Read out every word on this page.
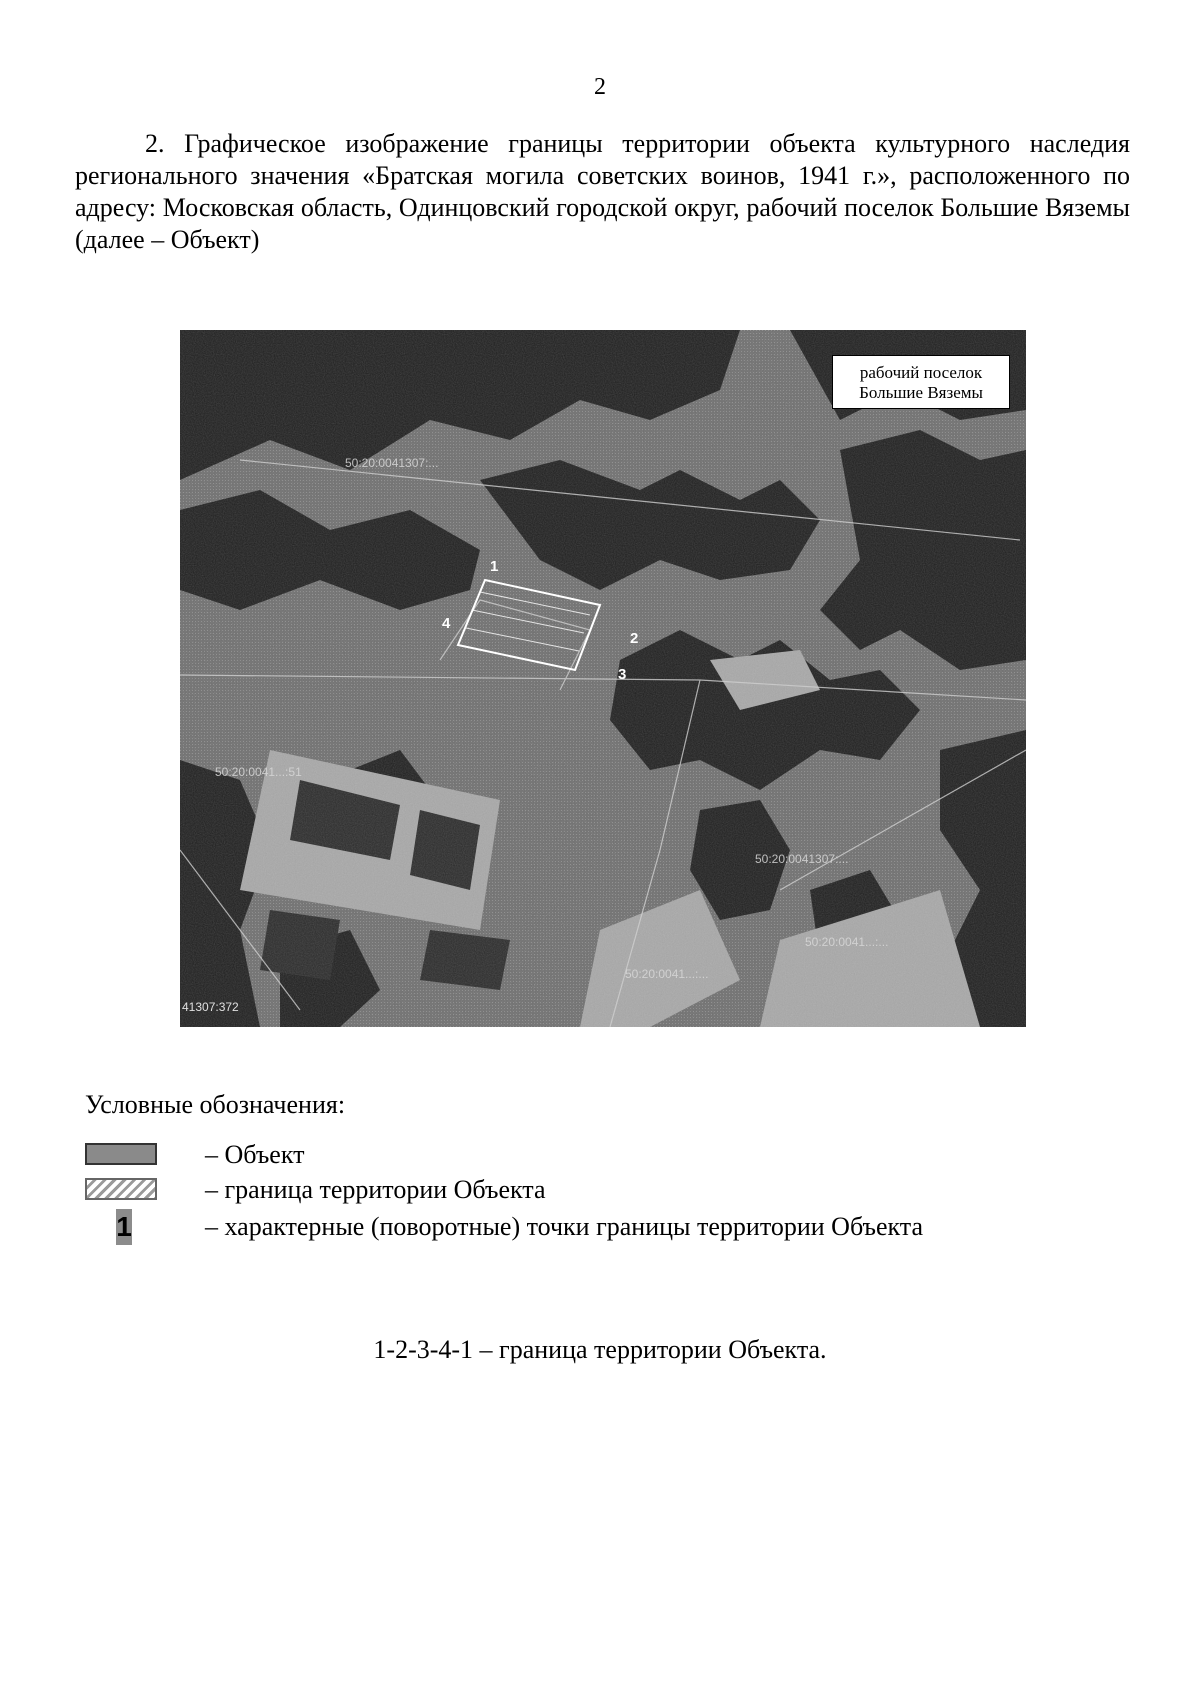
2
2. Графическое изображение границы территории объекта культурного наследия регионального значения «Братская могила советских воинов, 1941 г.», расположенного по адресу: Московская область, Одинцовский городской округ, рабочий поселок Большие Вяземы (далее – Объект)
1
2
3
4
50:20:0041307:...
50:20:0041...:51
50:20:0041307:...
50:20:0041...:...
50:20:0041...:...
41307:372
рабочий поселок
Большие Вяземы
Условные обозначения:
– Объект
– граница территории Объекта
1	– характерные (поворотные) точки границы территории Объекта
1-2-3-4-1 – граница территории Объекта.
